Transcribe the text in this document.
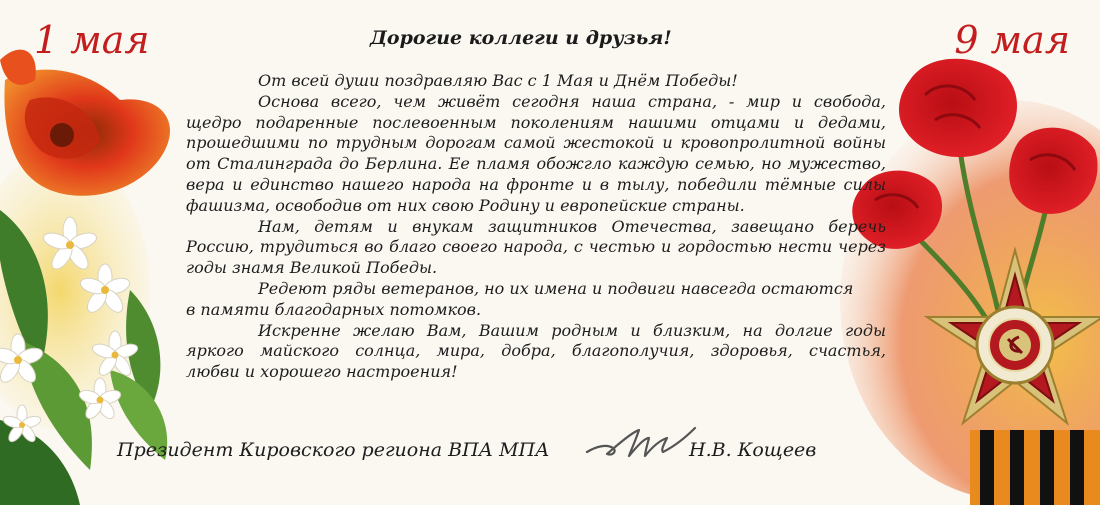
1 мая	9 мая
Дорогие коллеги и друзья!
От всей души поздравляю Вас с 1 Мая и Днём Победы!
Основа всего, чем живёт сегодня наша страна, - мир и свобода,
щедро подаренные послевоенным поколениям нашими отцами и дедами,
прошедшими по трудным дорогам самой жестокой и кровопролитной войны
от Сталинграда до Берлина. Ее пламя обожгло каждую семью, но мужество,
вера и единство нашего народа на фронте и в тылу, победили тёмные силы
фашизма, освободив от них свою Родину и европейские страны.
Нам, детям и внукам защитников Отечества, завещано беречь
Россию, трудиться во благо своего народа, с честью и гордостью нести через
годы знамя Великой Победы.
Редеют ряды ветеранов, но их имена и подвиги навсегда остаются
в памяти благодарных потомков.
Искренне желаю Вам, Вашим родным и близким, на долгие годы
яркого майского солнца, мира, добра, благополучия, здоровья, счастья,
любви и хорошего настроения!
Президент Кировского региона ВПА МПА	Н.В. Кощеев
